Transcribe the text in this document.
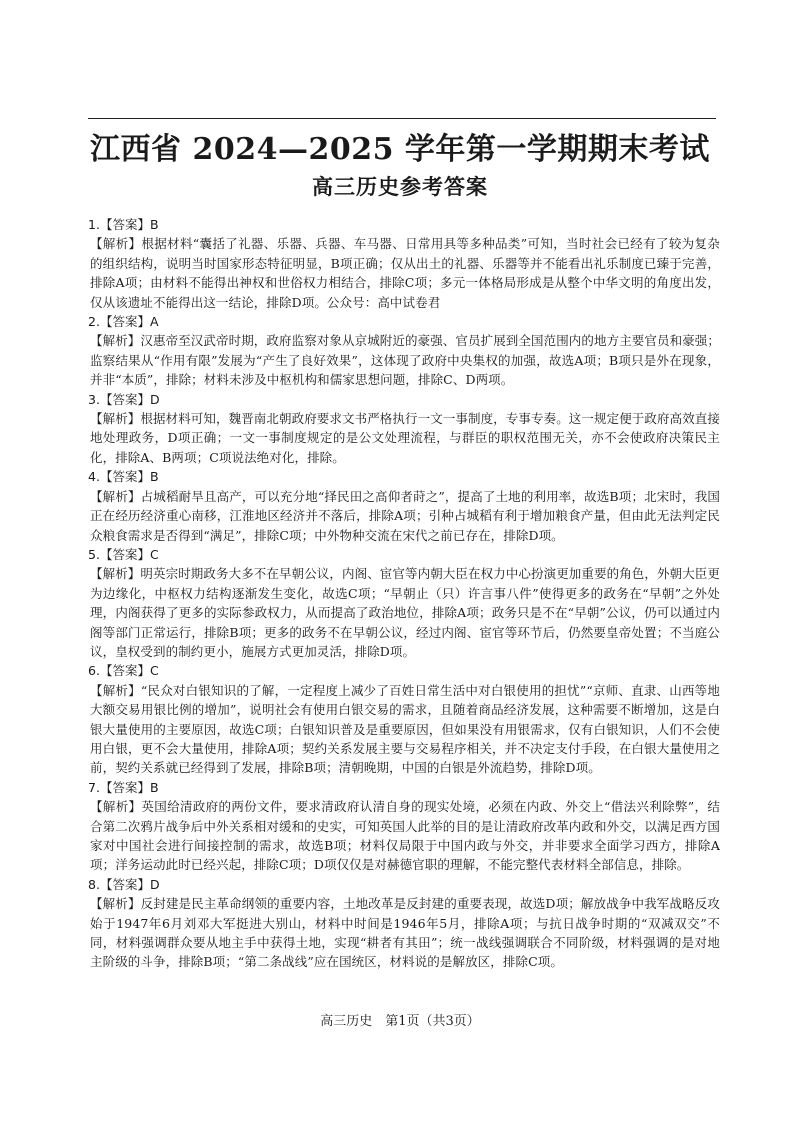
江西省 2024—2025 学年第一学期期末考试
高三历史参考答案
1.【答案】B
【解析】根据材料“囊括了礼器、乐器、兵器、车马器、日常用具等多种品类”可知，当时社会已经有了较为复杂的组织结构，说明当时国家形态特征明显，B项正确；仅从出土的礼器、乐器等并不能看出礼乐制度已臻于完善，排除A项；由材料不能得出神权和世俗权力相结合，排除C项；多元一体格局形成是从整个中华文明的角度出发，仅从该遗址不能得出这一结论，排除D项。公众号：高中试卷君
2.【答案】A
【解析】汉惠帝至汉武帝时期，政府监察对象从京城附近的豪强、官员扩展到全国范围内的地方主要官员和豪强；监察结果从“作用有限”发展为“产生了良好效果”，这体现了政府中央集权的加强，故选A项；B项只是外在现象，并非“本质”，排除；材料未涉及中枢机构和儒家思想问题，排除C、D两项。
3.【答案】D
【解析】根据材料可知，魏晋南北朝政府要求文书严格执行一文一事制度，专事专奏。这一规定便于政府高效直接地处理政务，D项正确；一文一事制度规定的是公文处理流程，与群臣的职权范围无关，亦不会使政府决策民主化，排除A、B两项；C项说法绝对化，排除。
4.【答案】B
【解析】占城稻耐旱且高产，可以充分地“择民田之高仰者莳之”，提高了土地的利用率，故选B项；北宋时，我国正在经历经济重心南移，江淮地区经济并不落后，排除A项；引种占城稻有利于增加粮食产量，但由此无法判定民众粮食需求是否得到“满足”，排除C项；中外物种交流在宋代之前已存在，排除D项。
5.【答案】C
【解析】明英宗时期政务大多不在早朝公议，内阁、宦官等内朝大臣在权力中心扮演更加重要的角色，外朝大臣更为边缘化，中枢权力结构逐渐发生变化，故选C项；“早朝止（只）许言事八件”使得更多的政务在“早朝”之外处理，内阁获得了更多的实际参政权力，从而提高了政治地位，排除A项；政务只是不在“早朝”公议，仍可以通过内阁等部门正常运行，排除B项；更多的政务不在早朝公议，经过内阁、宦官等环节后，仍然要皇帝处置；不当庭公议，皇权受到的制约更小，施展方式更加灵活，排除D项。
6.【答案】C
【解析】“民众对白银知识的了解，一定程度上减少了百姓日常生活中对白银使用的担忧”“京师、直隶、山西等地大额交易用银比例的增加”，说明社会有使用白银交易的需求，且随着商品经济发展，这种需要不断增加，这是白银大量使用的主要原因，故选C项；白银知识普及是重要原因，但如果没有用银需求，仅有白银知识，人们不会使用白银，更不会大量使用，排除A项；契约关系发展主要与交易程序相关，并不决定支付手段，在白银大量使用之前，契约关系就已经得到了发展，排除B项；清朝晚期，中国的白银是外流趋势，排除D项。
7.【答案】B
【解析】英国给清政府的两份文件，要求清政府认清自身的现实处境，必须在内政、外交上“借法兴利除弊”，结合第二次鸦片战争后中外关系相对缓和的史实，可知英国人此举的目的是让清政府改革内政和外交，以满足西方国家对中国社会进行间接控制的需求，故选B项；材料仅局限于中国内政与外交，并非要求全面学习西方，排除A项；洋务运动此时已经兴起，排除C项；D项仅仅是对赫德官职的理解，不能完整代表材料全部信息，排除。
8.【答案】D
【解析】反封建是民主革命纲领的重要内容，土地改革是反封建的重要表现，故选D项；解放战争中我军战略反攻始于1947年6月刘邓大军挺进大别山，材料中时间是1946年5月，排除A项；与抗日战争时期的“双减双交”不同，材料强调群众要从地主手中获得土地，实现“耕者有其田”；统一战线强调联合不同阶级，材料强调的是对地主阶级的斗争，排除B项；“第二条战线”应在国统区，材料说的是解放区，排除C项。
高三历史　第1页（共3页）
